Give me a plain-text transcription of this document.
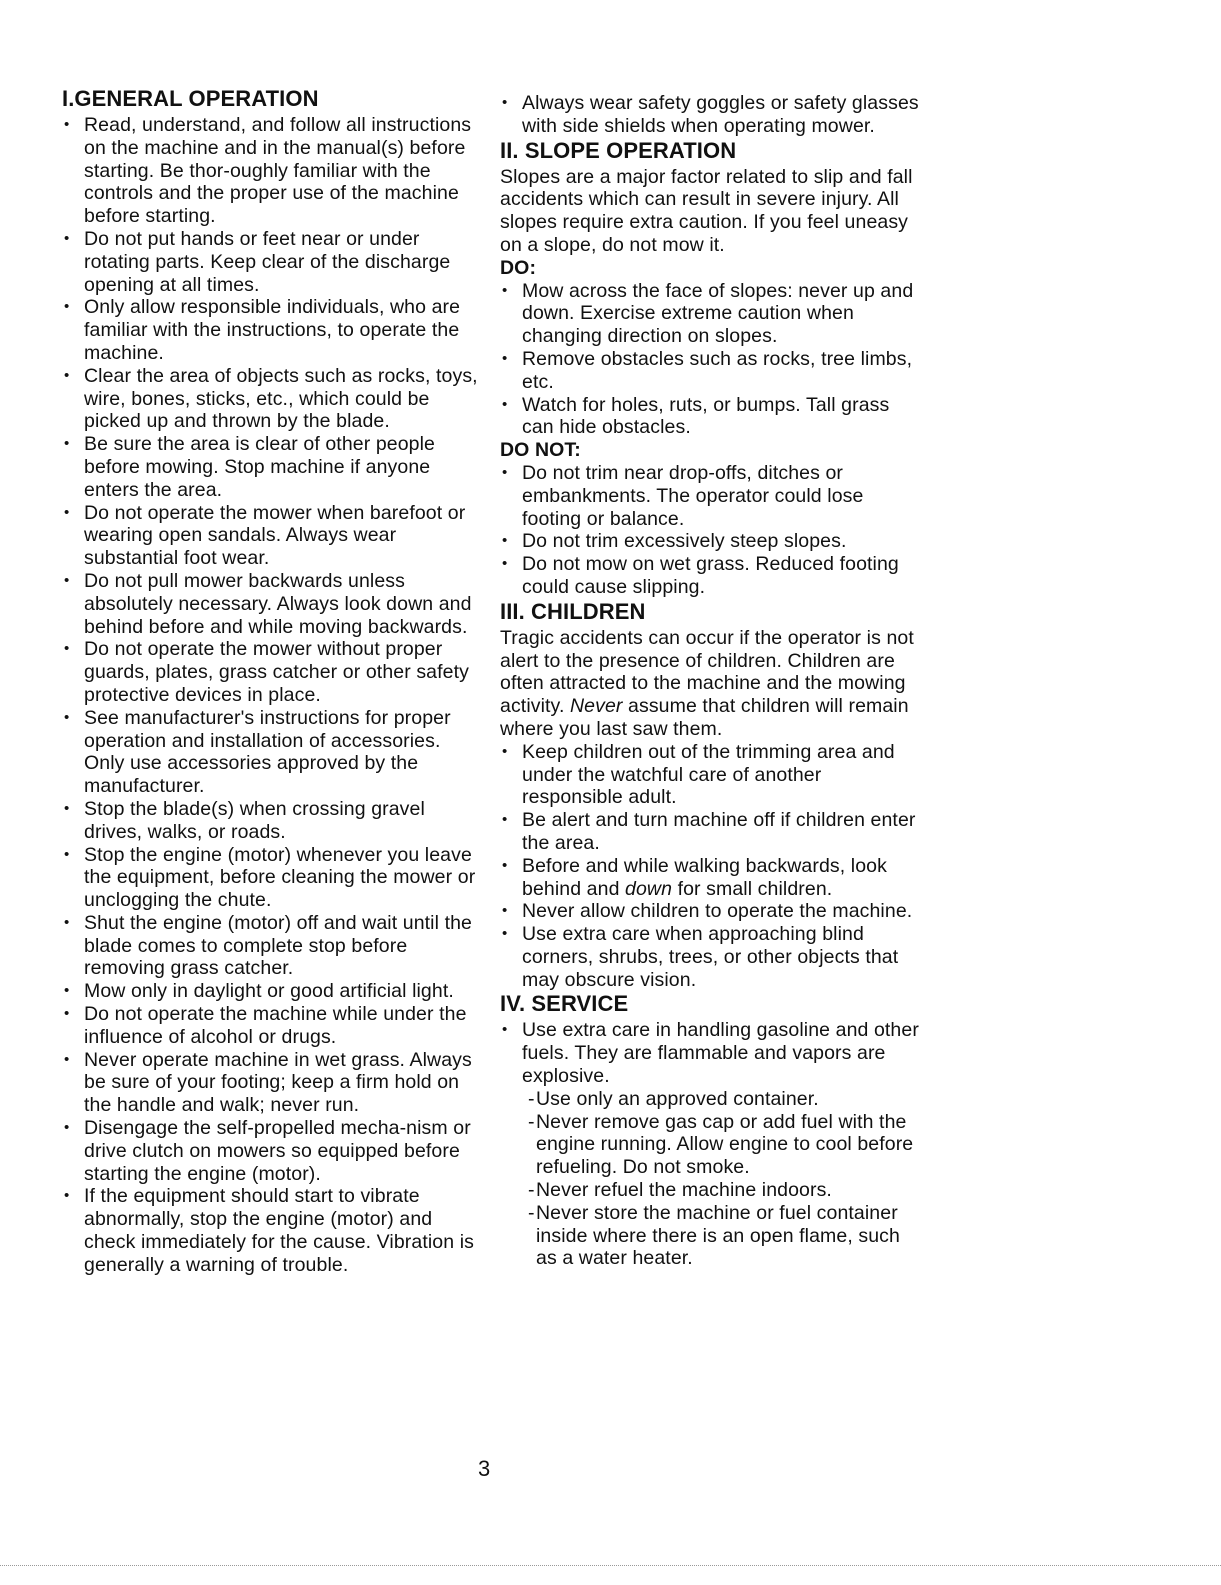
I.GENERAL OPERATION
• Read, understand, and follow all instructions on the machine and in the manual(s) before starting. Be thor-oughly familiar with the controls and the proper use of the machine before starting.
• Do not put hands or feet near or under rotating parts. Keep clear of the discharge opening at all times.
• Only allow responsible individuals, who are familiar with the instructions, to operate the machine.
• Clear the area of objects such as rocks, toys, wire, bones, sticks, etc., which could be picked up and thrown by the blade.
• Be sure the area is clear of other people before mowing. Stop machine if anyone enters the area.
• Do not operate the mower when barefoot or wearing open sandals. Always wear substantial foot wear.
• Do not pull mower backwards unless absolutely necessary. Always look down and behind before and while moving backwards.
• Do not operate the mower without proper guards, plates, grass catcher or other safety protective devices in place.
• See manufacturer's instructions for proper operation and installation of accessories. Only use accessories approved by the manufacturer.
• Stop the blade(s) when crossing gravel drives, walks, or roads.
• Stop the engine (motor) whenever you leave the equipment, before cleaning the mower or unclogging the chute.
• Shut the engine (motor) off and wait until the blade comes to complete stop before removing grass catcher.
• Mow only in daylight or good artificial light.
• Do not operate the machine while under the influence of alcohol or drugs.
• Never operate machine in wet grass. Always be sure of your footing; keep a firm hold on the handle and walk; never run.
• Disengage the self-propelled mecha-nism or drive clutch on mowers so equipped before starting the engine (motor).
• If the equipment should start to vibrate abnormally, stop the engine (motor) and check immediately for the cause. Vibration is generally a warning of trouble.
• Always wear safety goggles or safety glasses with side shields when operating mower.
II. SLOPE OPERATION

Slopes are a major factor related to slip and fall accidents which can result in severe injury. All slopes require extra caution. If you feel uneasy on a slope, do not mow it.

DO:
• Mow across the face of slopes: never up and down. Exercise extreme caution when changing direction on slopes.
• Remove obstacles such as rocks, tree limbs, etc.
• Watch for holes, ruts, or bumps. Tall grass can hide obstacles.
DO NOT:
• Do not trim near drop-offs, ditches or embankments. The operator could lose footing or balance.
• Do not trim excessively steep slopes.
• Do not mow on wet grass. Reduced footing could cause slipping.
III. CHILDREN

Tragic accidents can occur if the operator is not alert to the presence of children. Children are often attracted to the machine and the mowing activity. Never assume that children will remain where you last saw them.

• Keep children out of the trimming area and under the watchful care of another responsible adult.
• Be alert and turn machine off if children enter the area.
• Before and while walking backwards, look behind and down for small children.
• Never allow children to operate the machine.
• Use extra care when approaching blind corners, shrubs, trees, or other objects that may obscure vision.
IV. SERVICE
• Use extra care in handling gasoline and other fuels. They are flammable and vapors are explosive.
- Use only an approved container.
- Never remove gas cap or add fuel with the engine running. Allow engine to cool before refueling. Do not smoke.
- Never refuel the machine indoors.
- Never store the machine or fuel container inside where there is an open flame, such as a water heater.
3
